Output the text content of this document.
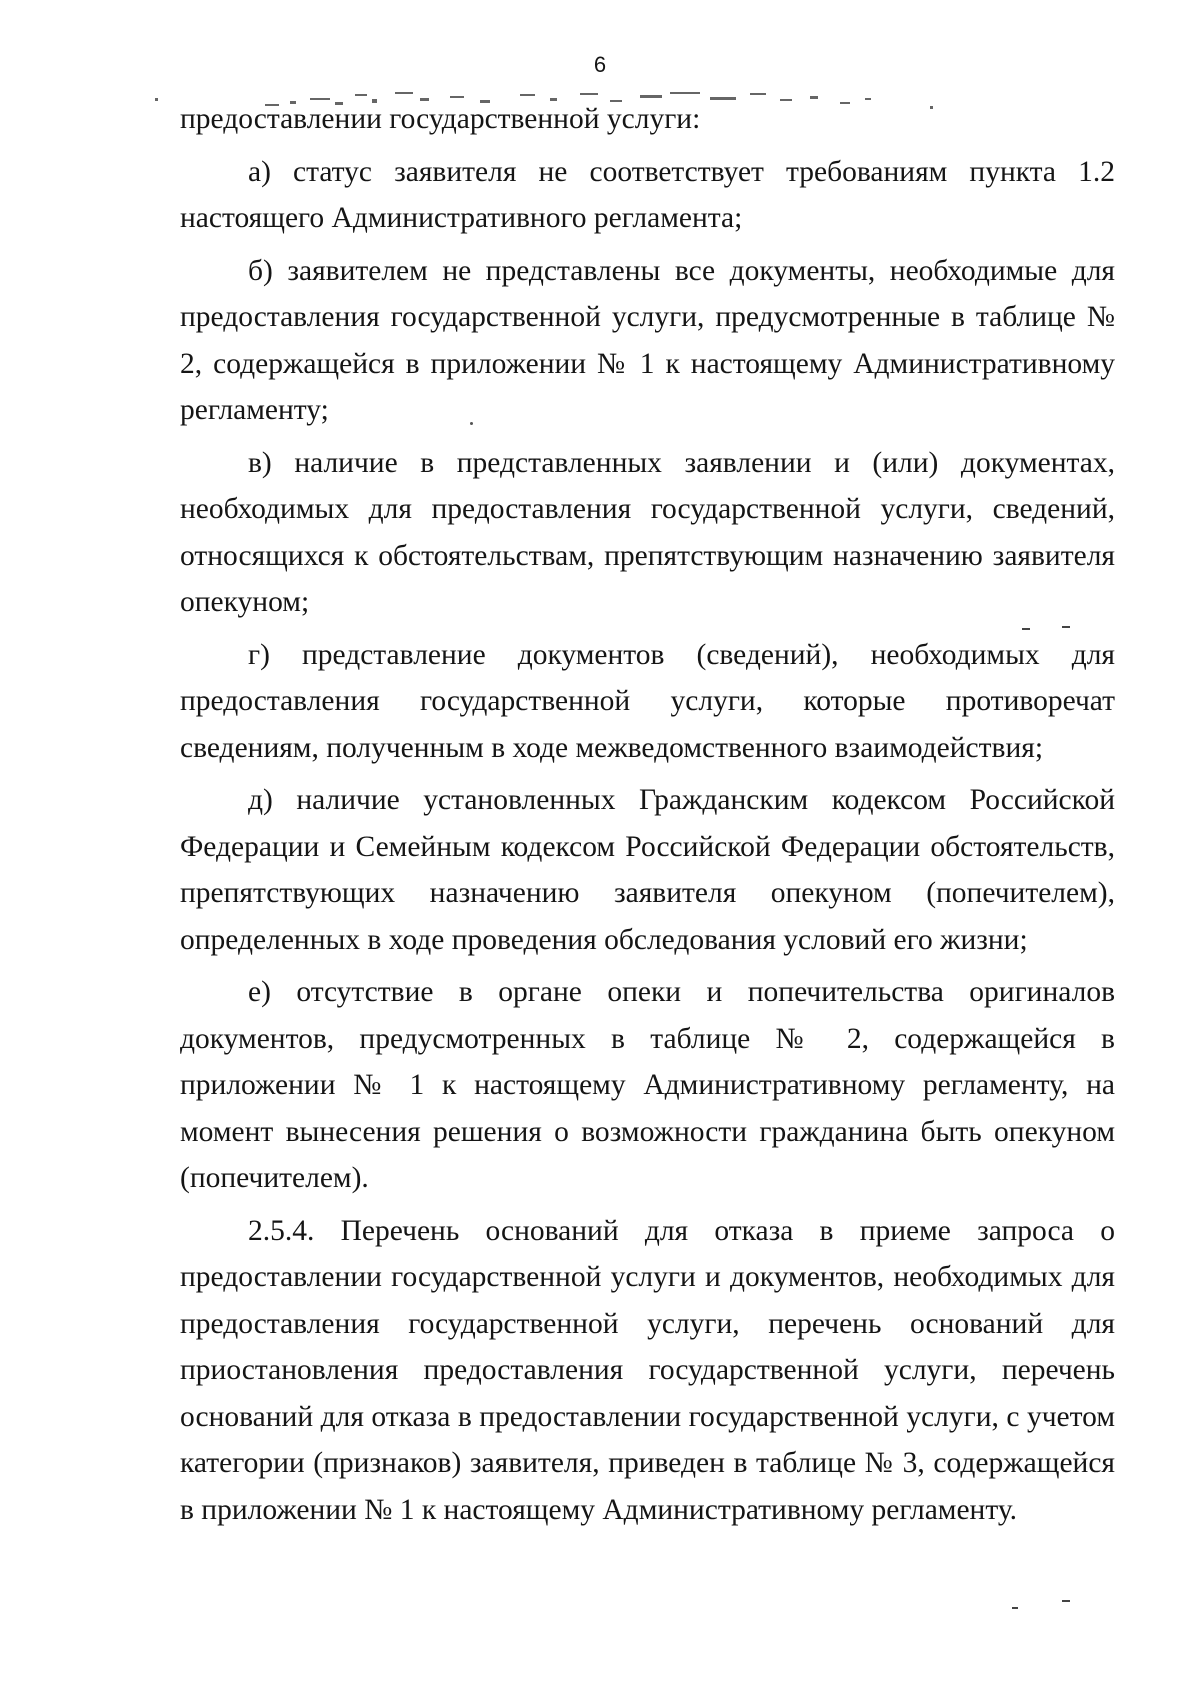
6

предоставлении государственной услуги:

а) статус заявителя не соответствует требованиям пункта 1.2 настоящего Административного регламента;

б) заявителем не представлены все документы, необходимые для предоставления государственной услуги, предусмотренные в таблице № 2, содержащейся в приложении № 1 к настоящему Административному регламенту;

в) наличие в представленных заявлении и (или) документах, необходимых для предоставления государственной услуги, сведений, относящихся к обстоятельствам, препятствующим назначению заявителя опекуном;

г) представление документов (сведений), необходимых для предоставления государственной услуги, которые противоречат сведениям, полученным в ходе межведомственного взаимодействия;

д) наличие установленных Гражданским кодексом Российской Федерации и Семейным кодексом Российской Федерации обстоятельств, препятствующих назначению заявителя опекуном (попечителем), определенных в ходе проведения обследования условий его жизни;

е) отсутствие в органе опеки и попечительства оригиналов документов, предусмотренных в таблице № 2, содержащейся в приложении № 1 к настоящему Административному регламенту, на момент вынесения решения о возможности гражданина быть опекуном (попечителем).

2.5.4. Перечень оснований для отказа в приеме запроса о предоставлении государственной услуги и документов, необходимых для предоставления государственной услуги, перечень оснований для приостановления предоставления государственной услуги, перечень оснований для отказа в предоставлении государственной услуги, с учетом категории (признаков) заявителя, приведен в таблице № 3, содержащейся в приложении № 1 к настоящему Административному регламенту.
